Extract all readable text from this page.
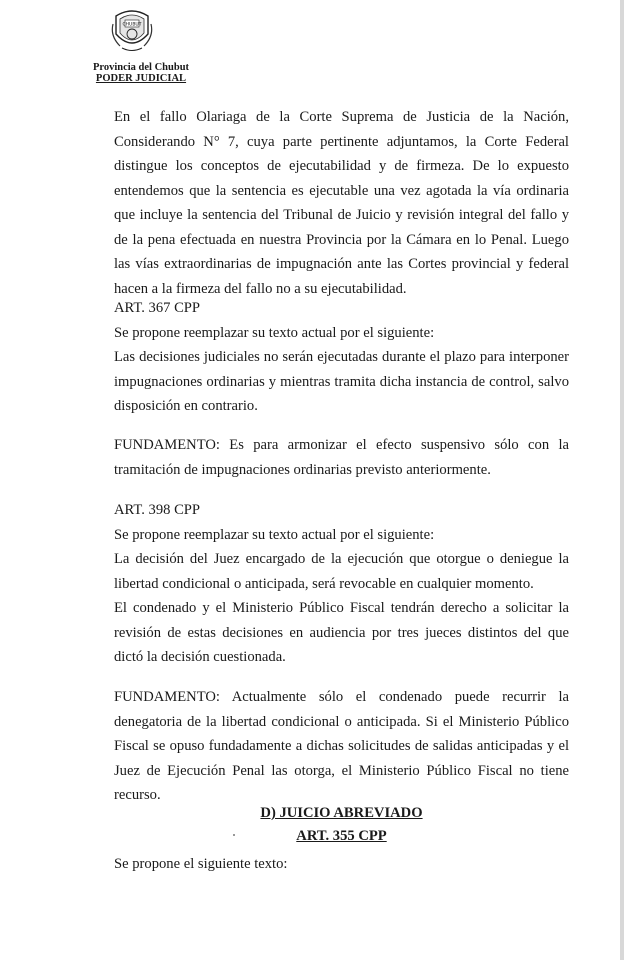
CHUBUT
Provincia del Chubut
PODER JUDICIAL

En el fallo Olariaga de la Corte Suprema de Justicia de la Nación, Considerando N° 7, cuya parte pertinente adjuntamos, la Corte Federal distingue los conceptos de ejecutabilidad y de firmeza. De lo expuesto entendemos que la sentencia es ejecutable una vez agotada la vía ordinaria que incluye la sentencia del Tribunal de Juicio y revisión integral del fallo y de la pena efectuada en nuestra Provincia por la Cámara en lo Penal. Luego las vías extraordinarias de impugnación ante las Cortes provincial y federal hacen a la firmeza del fallo no a su ejecutabilidad.

ART. 367 CPP

Se propone reemplazar su texto actual por el siguiente:

Las decisiones judiciales no serán ejecutadas durante el plazo para interponer impugnaciones ordinarias y mientras tramita dicha instancia de control, salvo disposición en contrario.

FUNDAMENTO: Es para armonizar el efecto suspensivo sólo con la tramitación de impugnaciones ordinarias previsto anteriormente.

ART. 398 CPP

Se propone reemplazar su texto actual por el siguiente:

La decisión del Juez encargado de la ejecución que otorgue o deniegue la libertad condicional o anticipada, será revocable en cualquier momento.

El condenado y el Ministerio Público Fiscal tendrán derecho a solicitar la revisión de estas decisiones en audiencia por tres jueces distintos del que dictó la decisión cuestionada.

FUNDAMENTO: Actualmente sólo el condenado puede recurrir la denegatoria de la libertad condicional o anticipada. Si el Ministerio Público Fiscal se opuso fundadamente a dichas solicitudes de salidas anticipadas y el Juez de Ejecución Penal las otorga, el Ministerio Público Fiscal no tiene recurso.

D) JUICIO ABREVIADO
ART. 355 CPP

Se propone el siguiente texto:
